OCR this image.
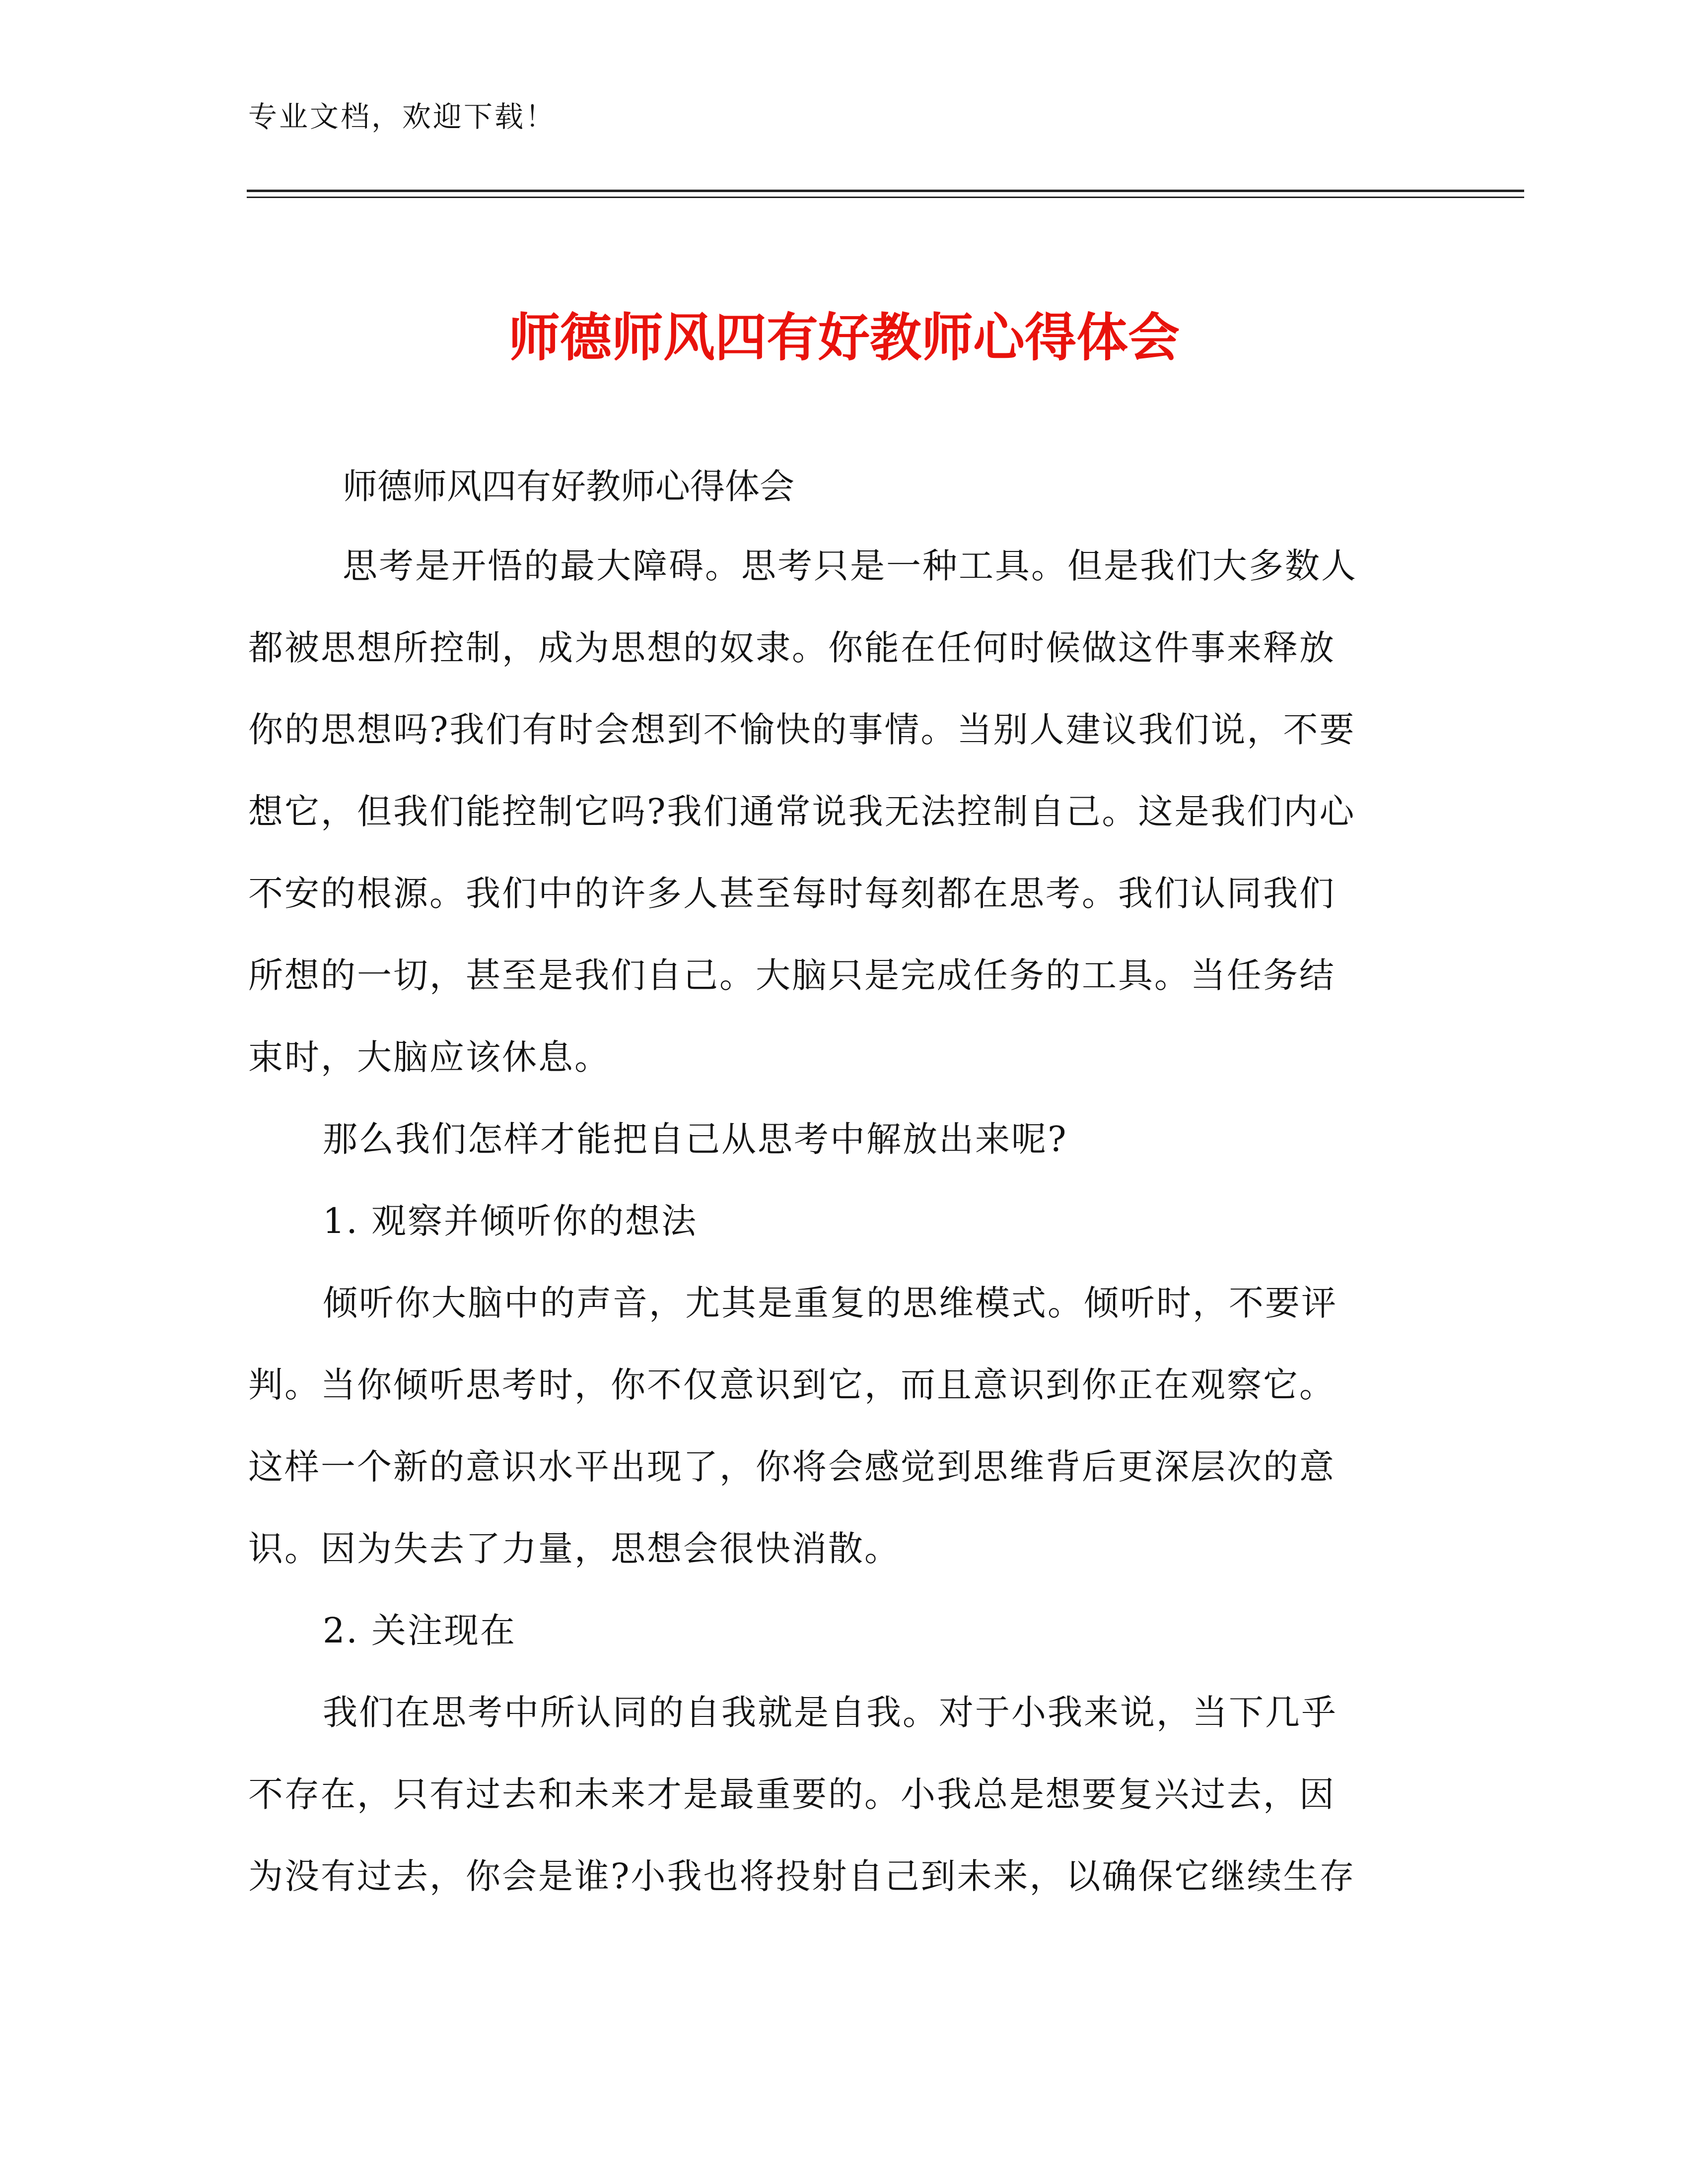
专业文档，欢迎下载！
师德师风四有好教师心得体会
师德师风四有好教师心得体会
思考是开悟的最大障碍。思考只是一种工具。但是我们大多数人
都被思想所控制，成为思想的奴隶。你能在任何时候做这件事来释放
你的思想吗?我们有时会想到不愉快的事情。当别人建议我们说，不要
想它，但我们能控制它吗?我们通常说我无法控制自己。这是我们内心
不安的根源。我们中的许多人甚至每时每刻都在思考。我们认同我们
所想的一切，甚至是我们自己。大脑只是完成任务的工具。当任务结
束时，大脑应该休息。
那么我们怎样才能把自己从思考中解放出来呢?
1. 观察并倾听你的想法
倾听你大脑中的声音，尤其是重复的思维模式。倾听时，不要评
判。当你倾听思考时，你不仅意识到它，而且意识到你正在观察它。
这样一个新的意识水平出现了，你将会感觉到思维背后更深层次的意
识。因为失去了力量，思想会很快消散。
2. 关注现在
我们在思考中所认同的自我就是自我。对于小我来说，当下几乎
不存在，只有过去和未来才是最重要的。小我总是想要复兴过去，因
为没有过去，你会是谁?小我也将投射自己到未来，以确保它继续生存
